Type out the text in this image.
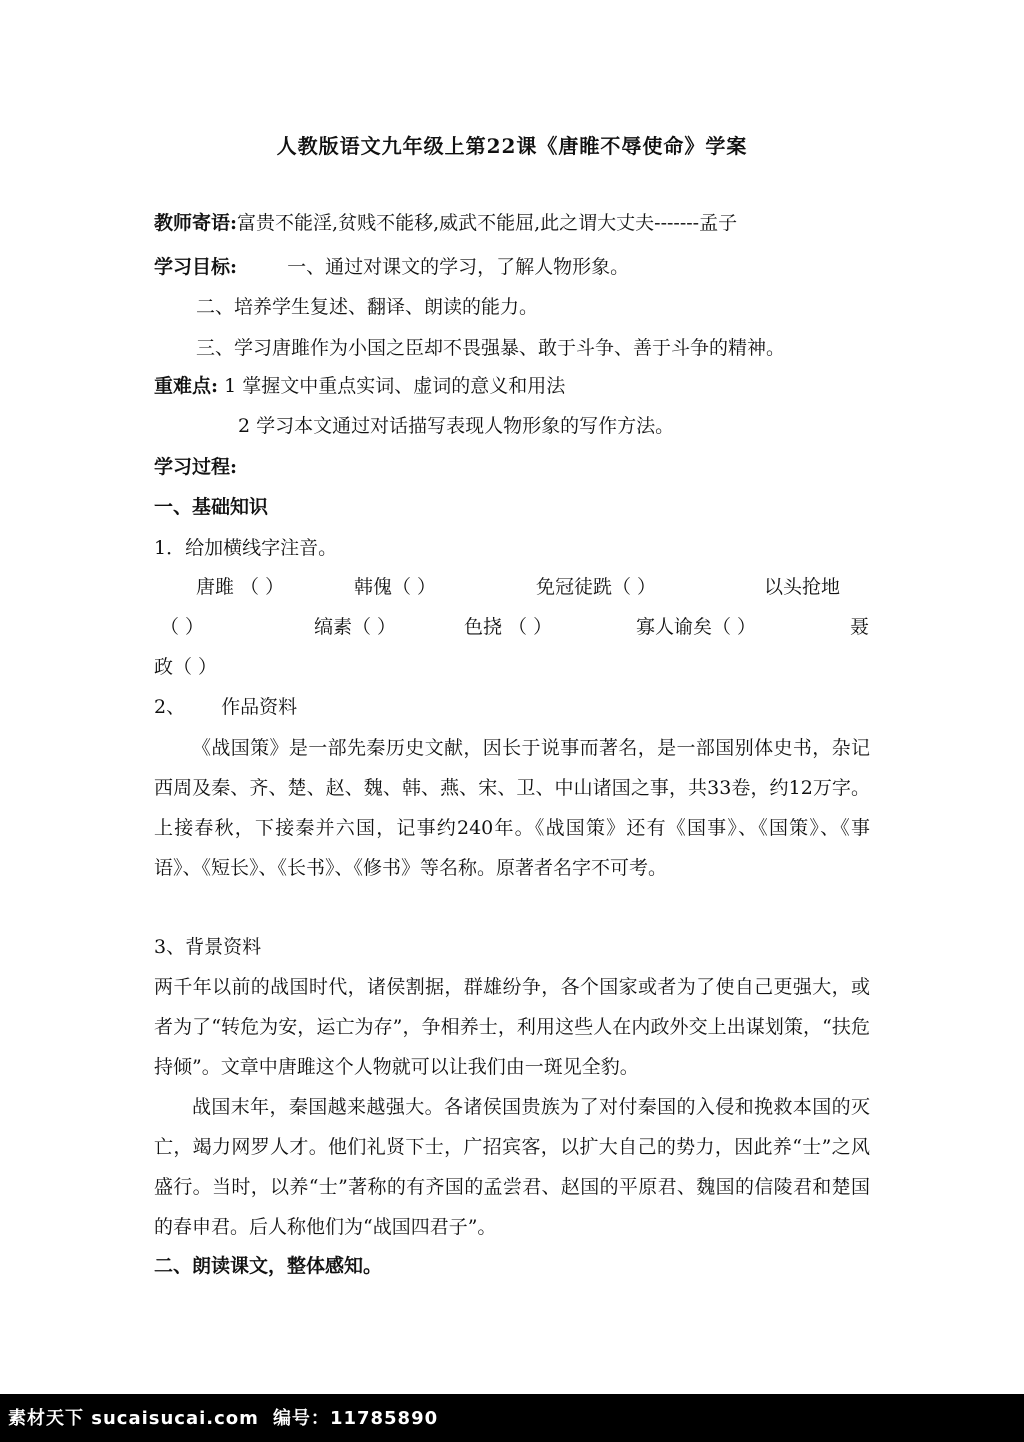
人教版语文九年级上第22课《唐睢不辱使命》学案
教师寄语:富贵不能淫,贫贱不能移,威武不能屈,此之谓大丈夫-------孟子
学习目标:	一、通过对课文的学习，了解人物形象。
二、培养学生复述、翻译、朗读的能力。
三、学习唐雎作为小国之臣却不畏强暴、敢于斗争、善于斗争的精神。
重难点: 1 掌握文中重点实词、虚词的意义和用法
2 学习本文通过对话描写表现人物形象的写作方法。
学习过程:
一、基础知识
1．给加横线字注音。
唐雎 （ ）	韩傀（ ）	免冠徒跣（ ）	以头抢地
（ ）	缟素（ ）	色挠 （ ）	寡人谕矣（ ）	聂
政（ ）
2、 作品资料
《战国策》是一部先秦历史文献，因长于说事而著名，是一部国别体史书，杂记西周及秦、齐、楚、赵、魏、韩、燕、宋、卫、中山诸国之事，共33卷，约12万字。上接春秋，下接秦并六国，记事约240年。《战国策》还有《国事》、《国策》、《事语》、《短长》、《长书》、《修书》等名称。原著者名字不可考。
3、背景资料
两千年以前的战国时代，诸侯割据，群雄纷争，各个国家或者为了使自己更强大，或者为了“转危为安，运亡为存”，争相养士，利用这些人在内政外交上出谋划策，“扶危持倾”。文章中唐雎这个人物就可以让我们由一斑见全豹。
战国末年，秦国越来越强大。各诸侯国贵族为了对付秦国的入侵和挽救本国的灭亡，竭力网罗人才。他们礼贤下士，广招宾客，以扩大自己的势力，因此养“士”之风盛行。当时，以养“士”著称的有齐国的孟尝君、赵国的平原君、魏国的信陵君和楚国的春申君。后人称他们为“战国四君子”。
二、朗读课文，整体感知。
素材天下 sucaisucai.com 编号：11785890
